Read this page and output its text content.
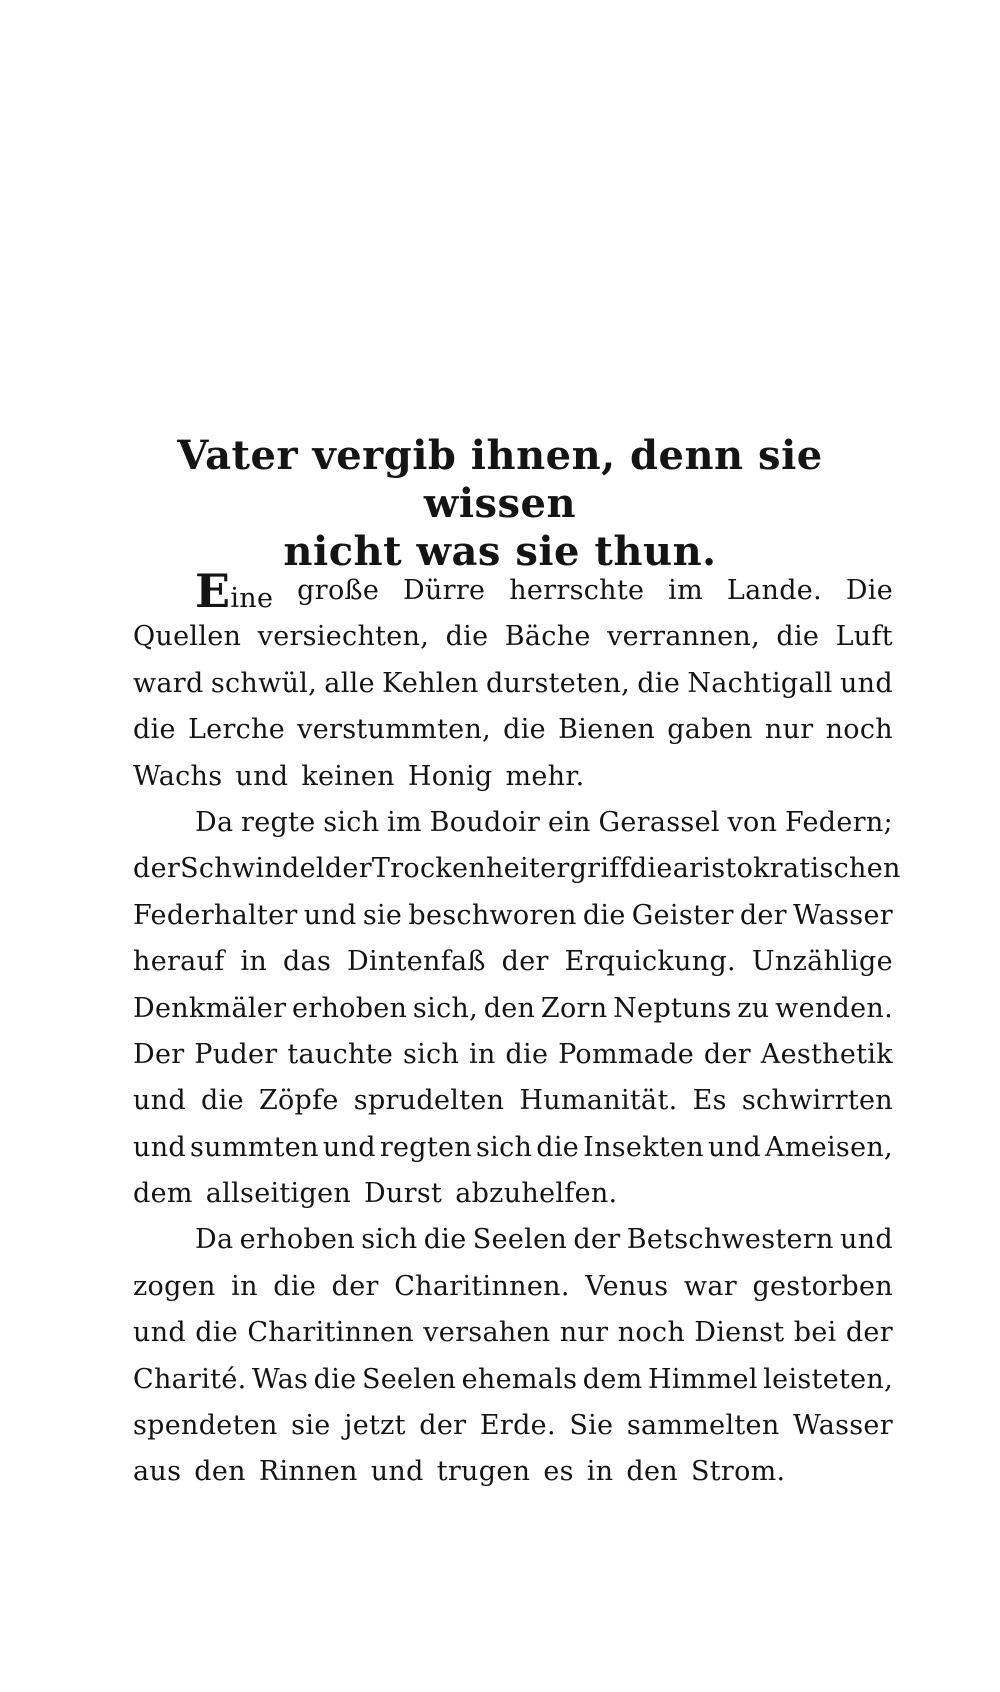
Vater vergib ihnen, denn sie wissen
nicht was sie thun.
Eine große Dürre herrschte im Lande. Die
Quellen versiechten, die Bäche verrannen, die Luft
ward schwül, alle Kehlen dursteten, die Nachtigall und
die Lerche verstummten, die Bienen gaben nur noch
Wachs und keinen Honig mehr.
Da regte sich im Boudoir ein Gerassel von Federn;
der Schwindel der Trockenheit ergriff die aristokratischen
Federhalter und sie beschworen die Geister der Wasser
herauf in das Dintenfaß der Erquickung. Unzählige
Denkmäler erhoben sich, den Zorn Neptuns zu wenden.
Der Puder tauchte sich in die Pommade der Aesthetik
und die Zöpfe sprudelten Humanität. Es schwirrten
und summten und regten sich die Insekten und Ameisen,
dem allseitigen Durst abzuhelfen.
Da erhoben sich die Seelen der Betschwestern und
zogen in die der Charitinnen. Venus war gestorben
und die Charitinnen versahen nur noch Dienst bei der
Charité. Was die Seelen ehemals dem Himmel leisteten,
spendeten sie jetzt der Erde. Sie sammelten Wasser
aus den Rinnen und trugen es in den Strom.
